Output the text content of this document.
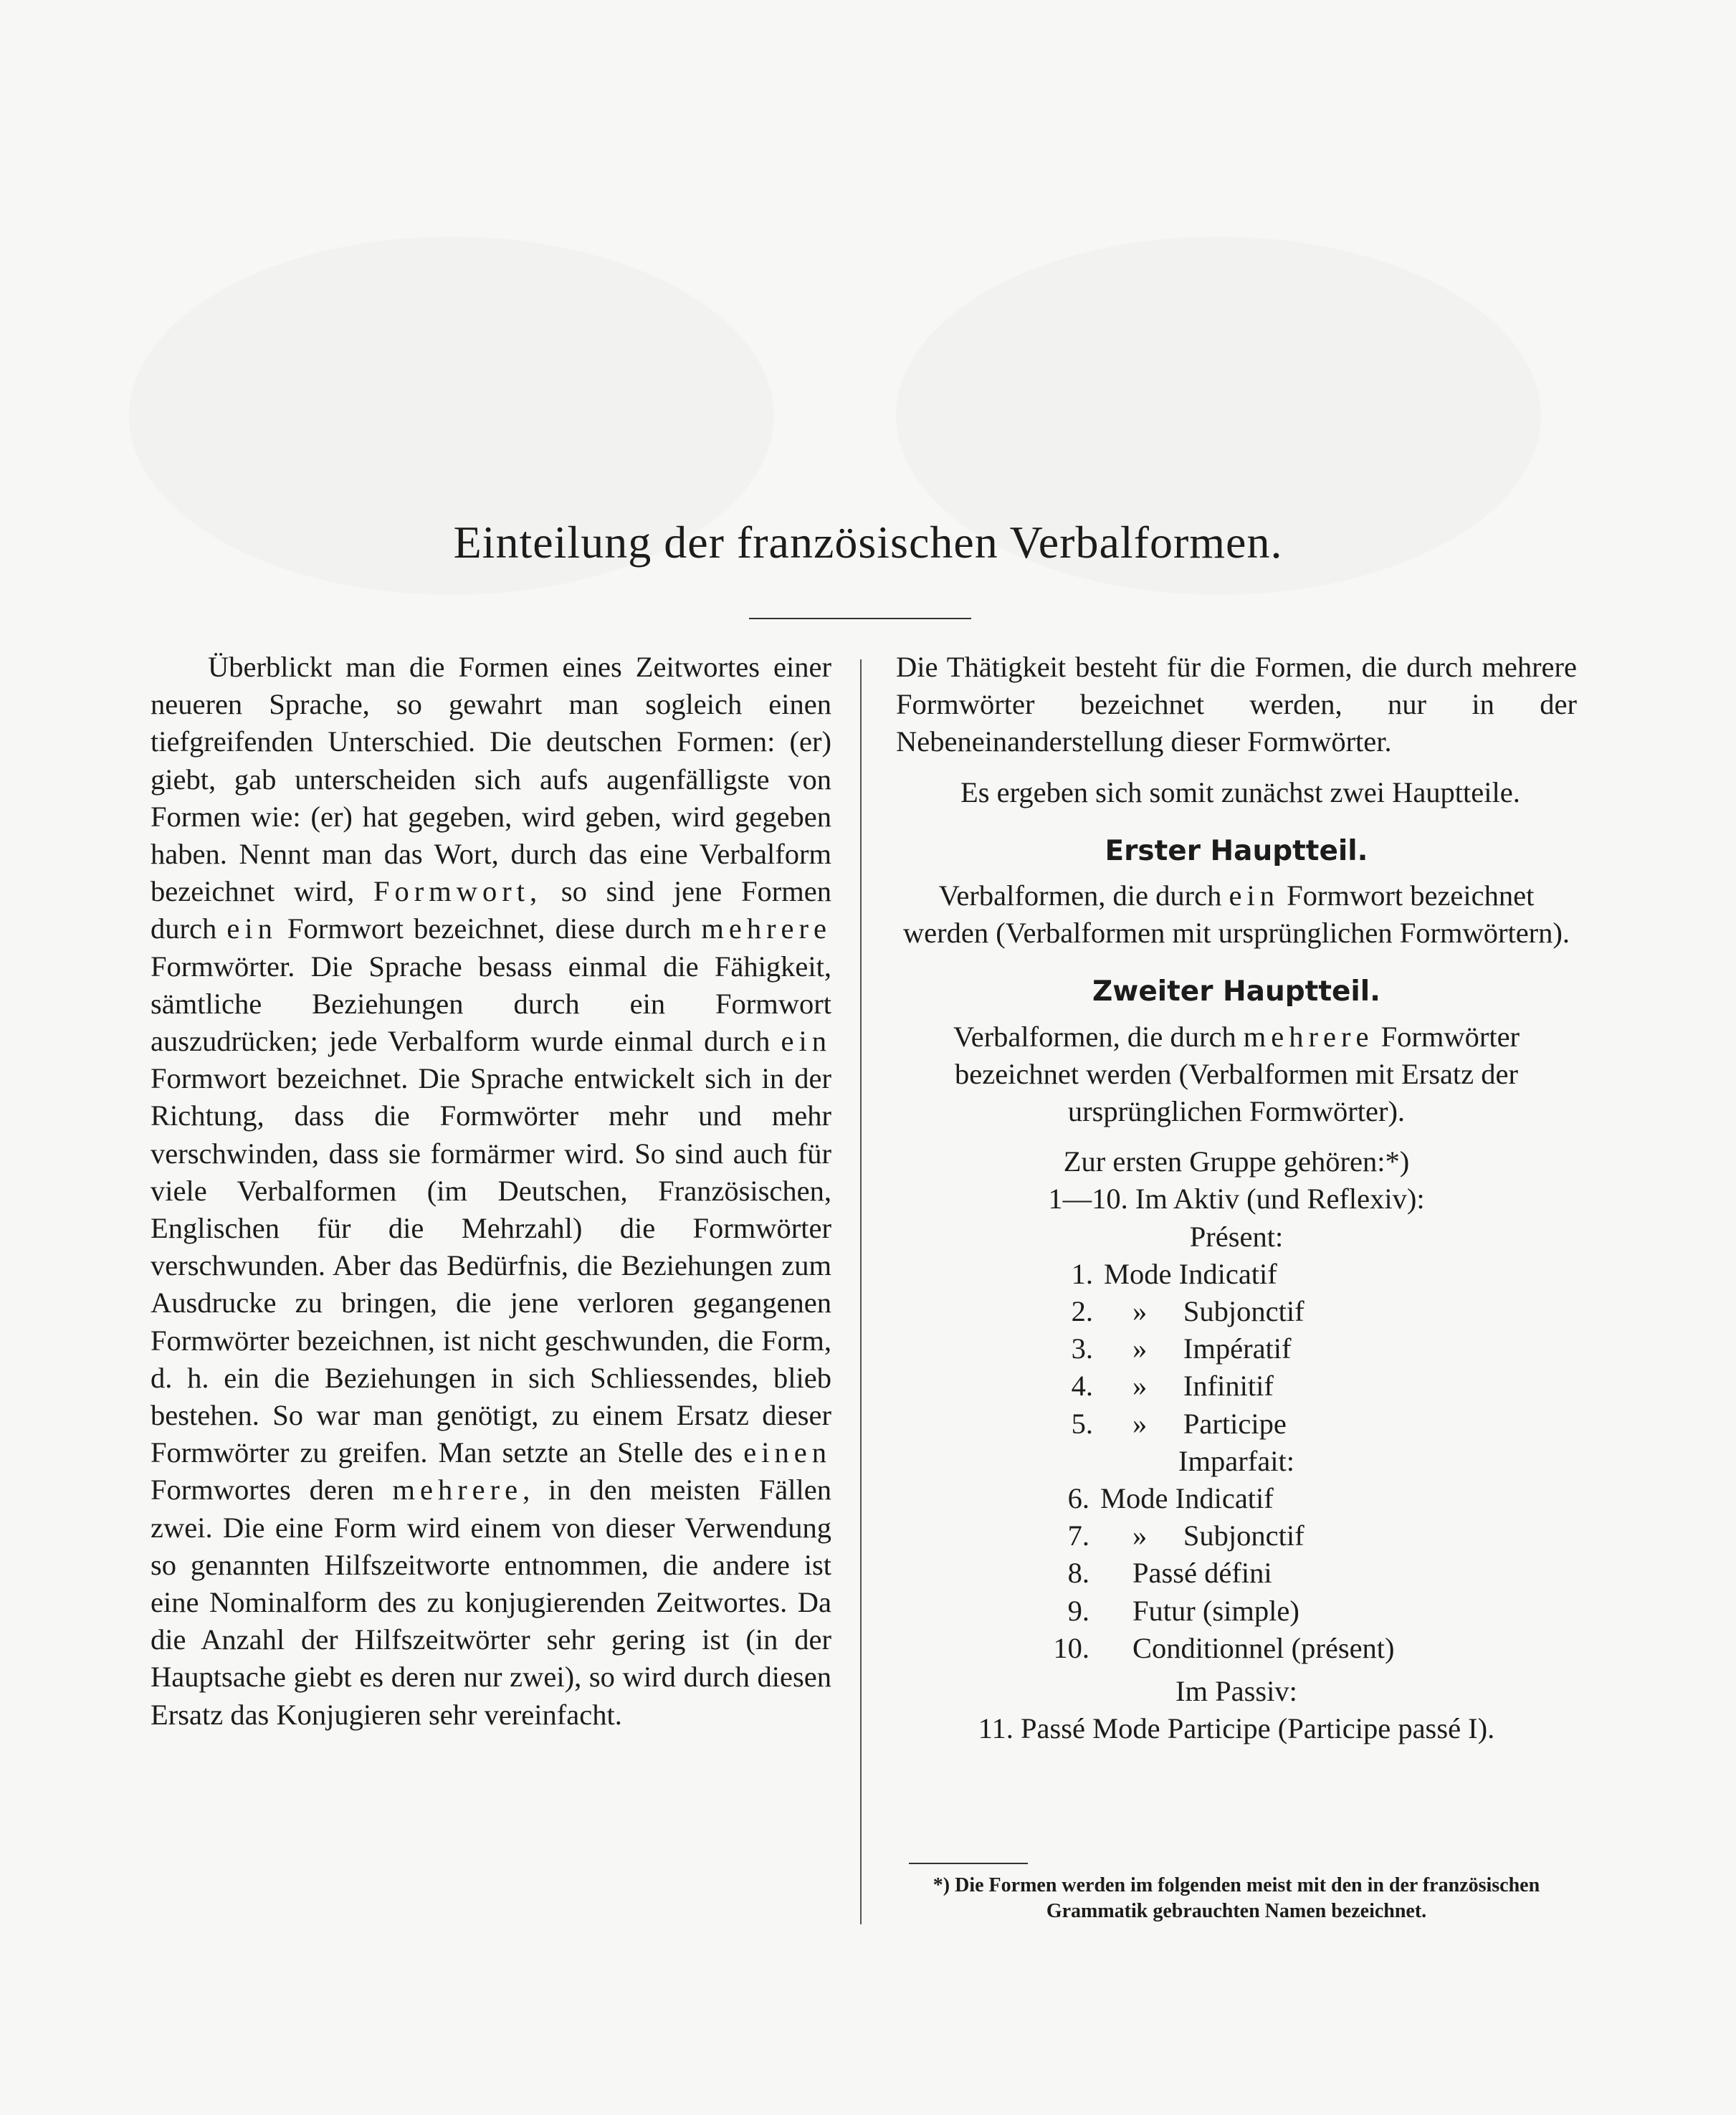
Einteilung der französischen Verbalformen.

Überblickt man die Formen eines Zeitwortes einer neueren Sprache, so gewahrt man sogleich einen tiefgreifenden Unterschied. Die deutschen Formen: (er) giebt, gab unterscheiden sich aufs augenfälligste von Formen wie: (er) hat gegeben, wird geben, wird gegeben haben. Nennt man das Wort, durch das eine Verbalform bezeichnet wird, Formwort, so sind jene Formen durch ein Formwort bezeichnet, diese durch mehrere Formwörter. Die Sprache besass einmal die Fähigkeit, sämtliche Beziehungen durch ein Formwort auszudrücken; jede Verbalform wurde einmal durch ein Formwort bezeichnet. Die Sprache entwickelt sich in der Richtung, dass die Formwörter mehr und mehr verschwinden, dass sie formärmer wird. So sind auch für viele Verbalformen (im Deutschen, Französischen, Englischen für die Mehrzahl) die Formwörter verschwunden. Aber das Bedürfnis, die Beziehungen zum Ausdrucke zu bringen, die jene verloren gegangenen Formwörter bezeichnen, ist nicht geschwunden, die Form, d. h. ein die Beziehungen in sich Schliessendes, blieb bestehen. So war man genötigt, zu einem Ersatz dieser Formwörter zu greifen. Man setzte an Stelle des einen Formwortes deren mehrere, in den meisten Fällen zwei. Die eine Form wird einem von dieser Verwendung so genannten Hilfszeitworte entnommen, die andere ist eine Nominalform des zu konjugierenden Zeitwortes. Da die Anzahl der Hilfszeitwörter sehr gering ist (in der Hauptsache giebt es deren nur zwei), so wird durch diesen Ersatz das Konjugieren sehr vereinfacht.

Die Thätigkeit besteht für die Formen, die durch mehrere Formwörter bezeichnet werden, nur in der Nebeneinanderstellung dieser Formwörter.

Es ergeben sich somit zunächst zwei Hauptteile.

Erster Hauptteil.

Verbalformen, die durch ein Formwort bezeichnet werden (Verbalformen mit ursprünglichen Formwörtern).

Zweiter Hauptteil.

Verbalformen, die durch mehrere Formwörter bezeichnet werden (Verbalformen mit Ersatz der ursprünglichen Formwörter).

Zur ersten Gruppe gehören:*)

1—10. Im Aktiv (und Reflexiv):

Présent:

1. Mode Indicatif
2. »     Subjonctif
3. »     Impératif
4. »     Infinitif
5. »     Participe

Imparfait:

6. Mode Indicatif
7. »     Subjonctif
8. Passé défini
9. Futur (simple)
10. Conditionnel (présent)

Im Passiv:

11. Passé Mode Participe (Participe passé I).

*) Die Formen werden im folgenden meist mit den in der französischen Grammatik gebrauchten Namen bezeichnet.
